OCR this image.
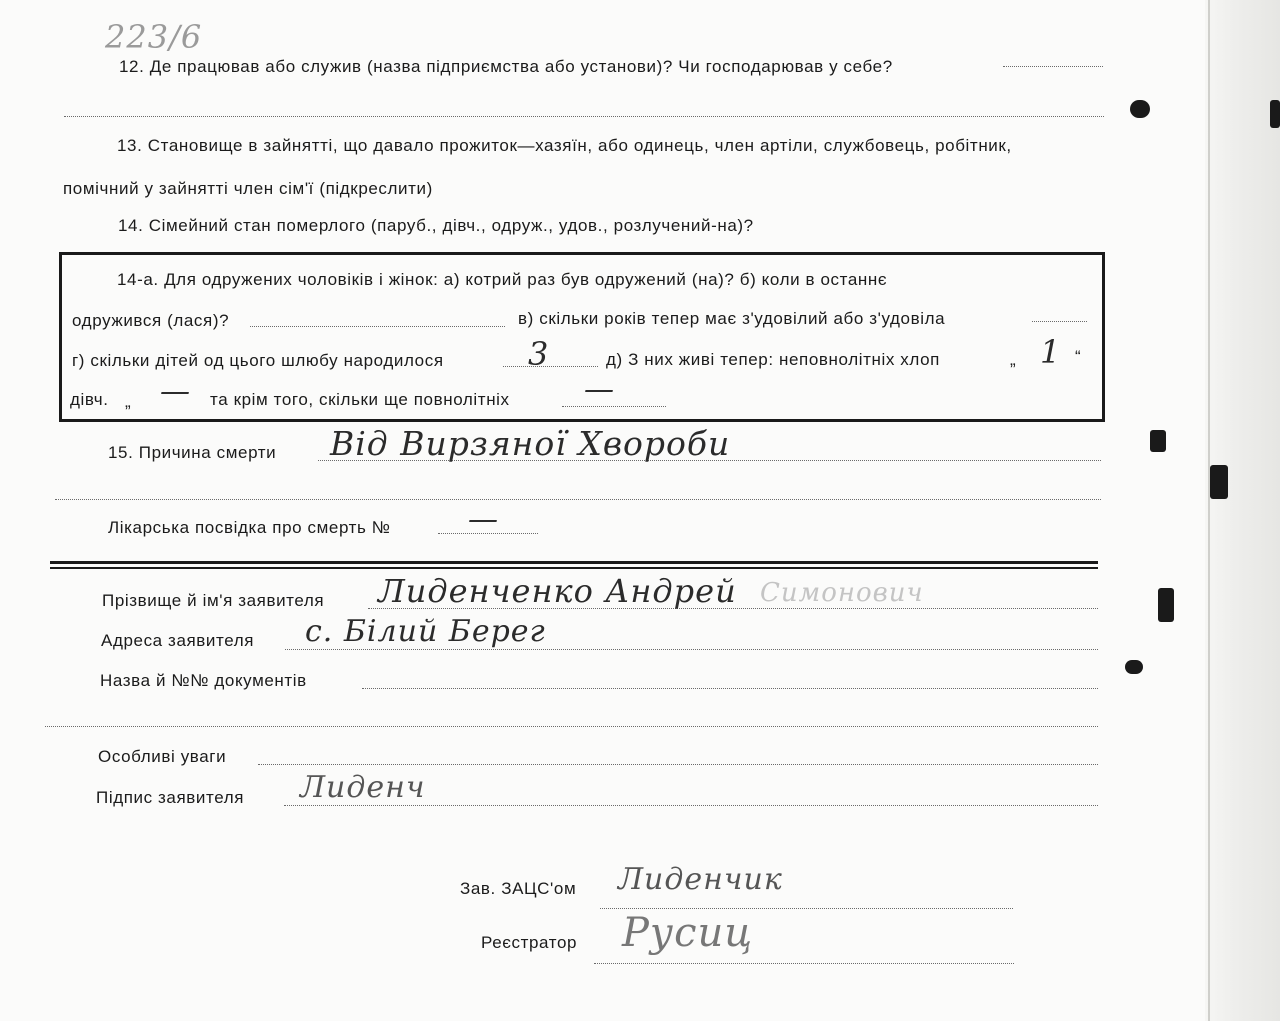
223/6
12. Де працював або служив (назва підприємства або установи)? Чи господарював у себе?
13. Становище в зайнятті, що давало прожиток—хазяїн, або одинець, член артіли, службовець, робітник,
помічний у зайнятті член сім'ї (підкреслити)
14. Сімейний стан померлого (паруб., дівч., одруж., удов., розлучений-на)?
14-а. Для одружених чоловіків і жінок: а) котрий раз був одружений (на)? б) коли в останнє
одружився (лася)?	в) скільки років тепер має з'удовілий або з'удовіла
г) скільки дітей од цього шлюбу народилося	3	д) З них живі тепер: неповнолітніх хлоп	„ 1 “
дівч. „ — та крім того, скільки ще повнолітніх —
15. Причина смерти Від Вирзяної Хвороби
Лікарська посвідка про смерть №	—
Прізвище й ім'я заявителя Лиденченко Андрей Симонович
Адреса заявителя с. Білий Берег
Назва й №№ документів
Особливі уваги
Підпис заявителя Лиденч
Зав. ЗАЦС'ом Лиденчик
Реєстратор Русиц
